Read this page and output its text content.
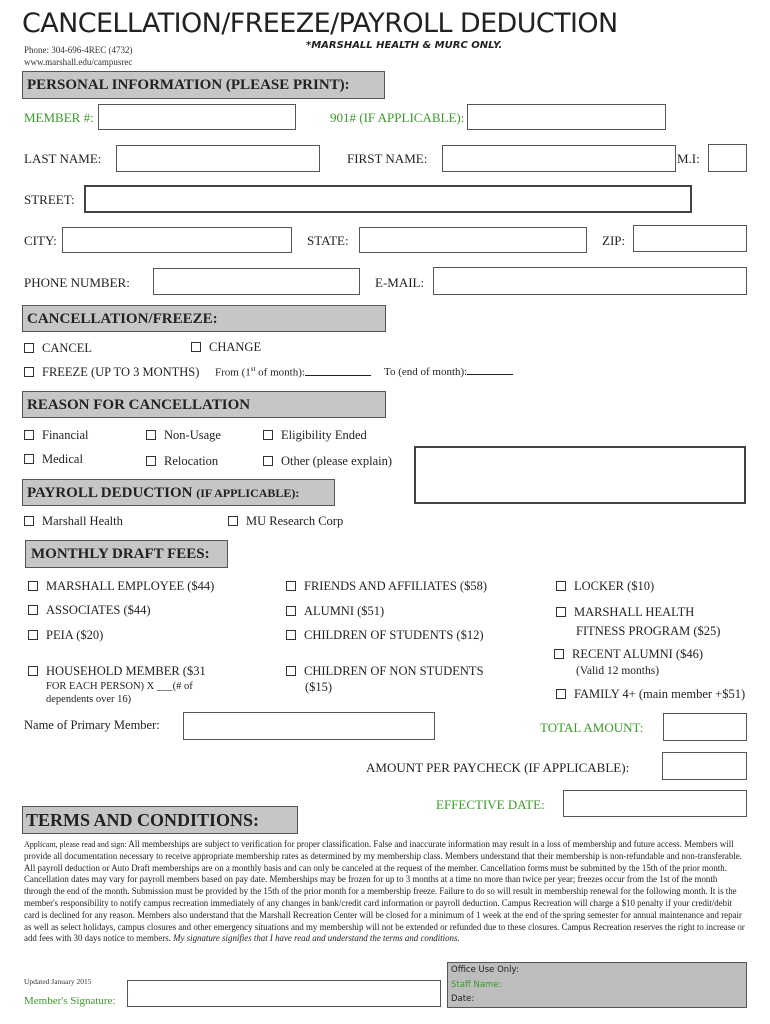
CANCELLATION/FREEZE/PAYROLL DEDUCTION
*MARSHALL HEALTH & MURC ONLY.
Phone: 304-696-4REC (4732)
www.marshall.edu/campusrec
PERSONAL INFORMATION (PLEASE PRINT):
MEMBER #:	901# (IF APPLICABLE):
LAST NAME:	FIRST NAME:	M.I:
STREET:
CITY:	STATE:	ZIP:
PHONE NUMBER:	E-MAIL:
CANCELLATION/FREEZE:
CANCEL	CHANGE
FREEZE (UP TO 3 MONTHS) From (1st of month):	To (end of month):
REASON FOR CANCELLATION
Financial	Non-Usage	Eligibility Ended
Medical	Relocation	Other (please explain)
PAYROLL DEDUCTION (IF APPLICABLE):
Marshall Health	MU Research Corp
MONTHLY DRAFT FEES:
MARSHALL EMPLOYEE ($44)
ASSOCIATES ($44)
PEIA ($20)
HOUSEHOLD MEMBER ($31
FOR EACH PERSON) X ___(# of
dependents over 16)
FRIENDS AND AFFILIATES ($58)
ALUMNI ($51)
CHILDREN OF STUDENTS ($12)
CHILDREN OF NON STUDENTS
($15)
LOCKER ($10)
MARSHALL HEALTH
FITNESS PROGRAM ($25)
RECENT ALUMNI ($46)
(Valid 12 months)
FAMILY 4+ (main member +$51)
Name of Primary Member:	TOTAL AMOUNT:
AMOUNT PER PAYCHECK (IF APPLICABLE):
EFFECTIVE DATE:
TERMS AND CONDITIONS:
Applicant, please read and sign: All memberships are subject to verification for proper classification. False and inaccurate information may result in a loss of membership and future access. Members will provide all documentation necessary to receive appropriate membership rates as determined by my membership class. Members understand that their membership is non-refundable and non-transferable. All payroll deduction or Auto Draft memberships are on a monthly basis and can only be canceled at the request of the member. Cancellation forms must be submitted by the 15th of the prior month. Cancellation dates may vary for payroll members based on pay date. Memberships may be frozen for up to 3 months at a time no more than twice per year; freezes occur from the 1st of the month through the end of the month. Submission must be provided by the 15th of the prior month for a membership freeze. Failure to do so will result in membership renewal for the following month. It is the member's responsibility to notify campus recreation immediately of any changes in bank/credit card information or payroll deduction. Campus Recreation will charge a $10 penalty if your credit/debit card is declined for any reason. Members also understand that the Marshall Recreation Center will be closed for a minimum of 1 week at the end of the spring semester for annual maintenance and repair as well as select holidays, campus closures and other emergency situations and my membership will not be extended or refunded due to these closures. Campus Recreation reserves the right to increase or add fees with 30 days notice to members. My signature signifies that I have read and understand the terms and conditions.
Updated January 2015
Member's Signature:
Office Use Only:
Staff Name:
Date:
